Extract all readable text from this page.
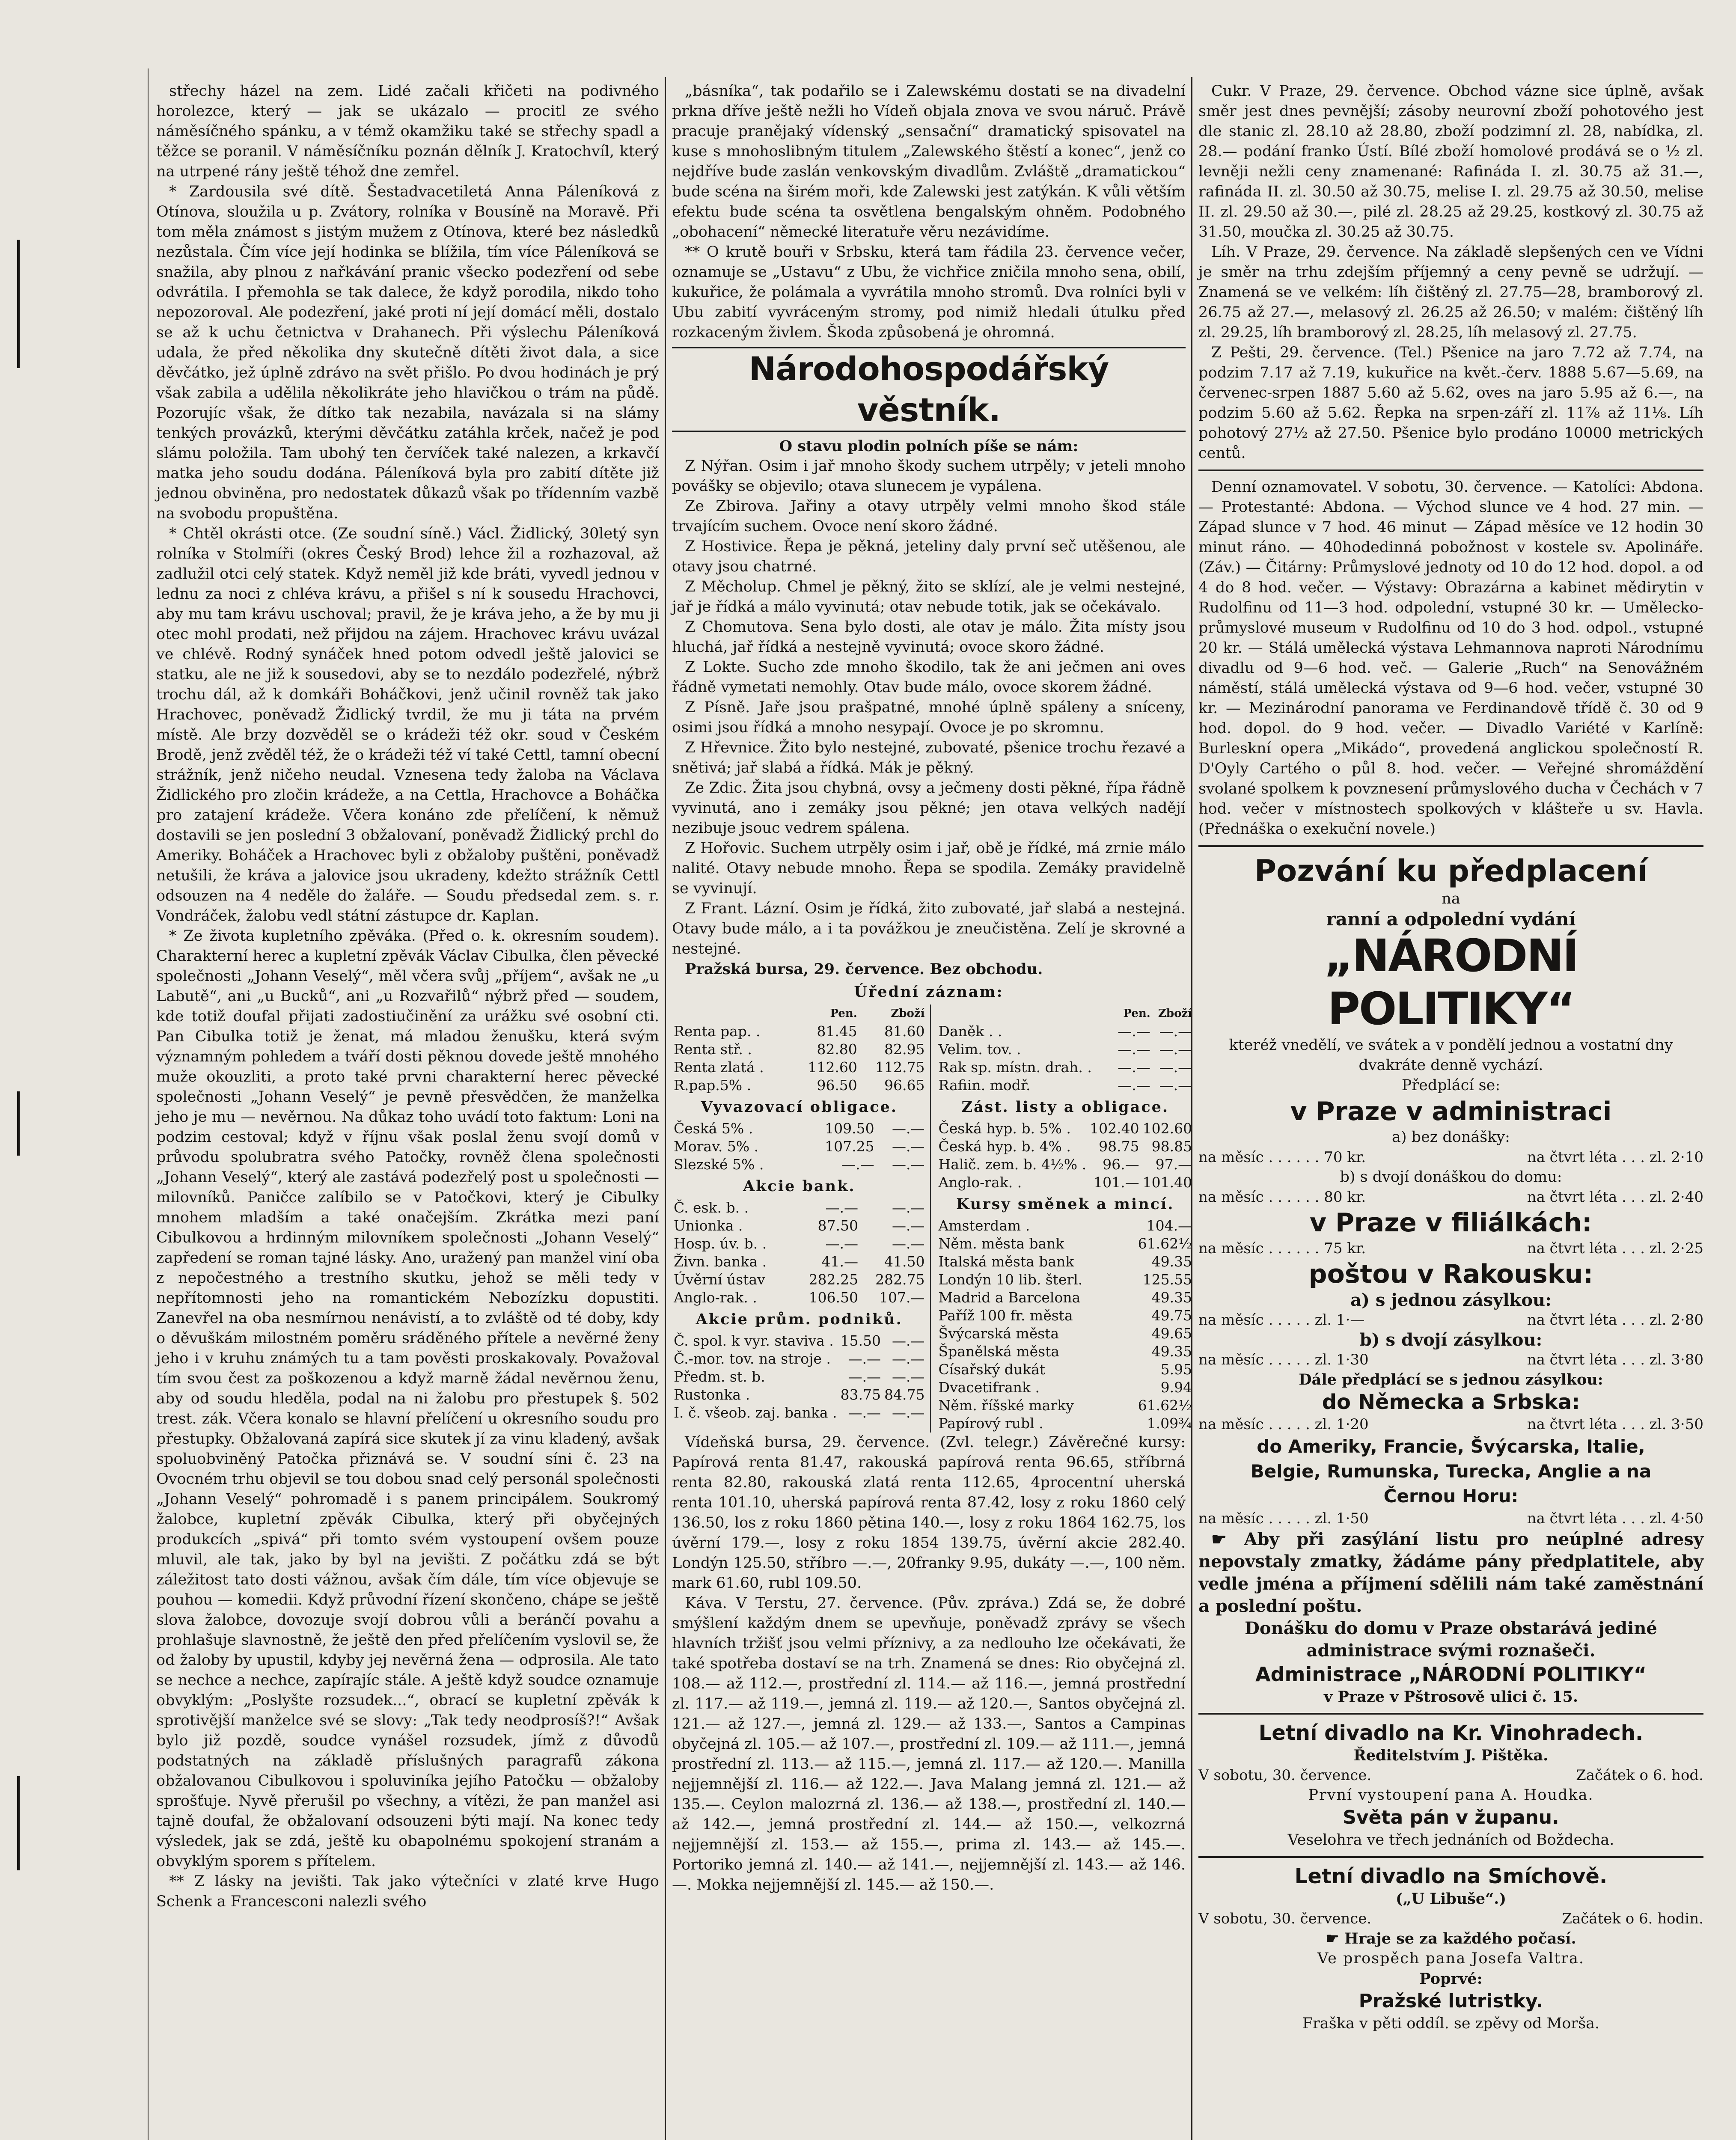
střechy házel na zem. Lidé začali křičeti na podivného horolezce, který — jak se ukázalo — procitl ze svého náměsíčného spánku, a v témž okamžiku také se střechy spadl a těžce se poranil. V náměsíčníku poznán dělník J. Kratochvíl, který na utrpené rány ještě téhož dne zemřel.

* Zardousila své dítě. Šestadvacetiletá Anna Páleníková z Otínova, sloužila u p. Zvátory, rolníka v Bousíně na Moravě. Při tom měla známost s jistým mužem z Otínova, které bez následků nezůstala. Čím více její hodinka se blížila, tím více Páleníková se snažila, aby plnou z nařkávání pranic všecko podezření od sebe odvrátila. I přemohla se tak dalece, že když porodila, nikdo toho nepozoroval. Ale podezření, jaké proti ní její domácí měli, dostalo se až k uchu četnictva v Drahanech. Při výslechu Páleníková udala, že před několika dny skutečně dítěti život dala, a sice děvčátko, jež úplně zdrávo na svět přišlo. Po dvou hodinách je prý však zabila a udělila několikráte jeho hlavičkou o trám na půdě. Pozorujíc však, že dítko tak nezabila, navázala si na slámy tenkých provázků, kterými děvčátku zatáhla krček, načež je pod slámu položila. Tam ubohý ten červíček také nalezen, a krkavčí matka jeho soudu dodána. Páleníková byla pro zabití dítěte již jednou obviněna, pro nedostatek důkazů však po třídenním vazbě na svobodu propuštěna.

* Chtěl okrásti otce. (Ze soudní síně.) Václ. Židlický, 30letý syn rolníka v Stolmíři (okres Český Brod) lehce žil a rozhazoval, až zadlužil otci celý statek. Když neměl již kde bráti, vyvedl jednou v lednu za noci z chléva krávu, a přišel s ní k sousedu Hrachovci, aby mu tam krávu uschoval; pravil, že je kráva jeho, a že by mu ji otec mohl prodati, než přijdou na zájem. Hrachovec krávu uvázal ve chlévě. Rodný synáček hned potom odvedl ještě jalovici se statku, ale ne již k sousedovi, aby se to nezdálo podezřelé, nýbrž trochu dál, až k domkáři Boháčkovi, jenž učinil rovněž tak jako Hrachovec, poněvadž Židlický tvrdil, že mu ji táta na prvém místě. Ale brzy dozvěděl se o krádeži též okr. soud v Českém Brodě, jenž zvěděl též, že o krádeži též ví také Cettl, tamní obecní strážník, jenž ničeho neudal. Vznesena tedy žaloba na Václava Židlického pro zločin krádeže, a na Cettla, Hrachovce a Boháčka pro zatajení krádeže. Včera konáno zde přelíčení, k němuž dostavili se jen poslední 3 obžalovaní, poněvadž Židlický prchl do Ameriky. Boháček a Hrachovec byli z obžaloby puštěni, poněvadž netušili, že kráva a jalovice jsou ukradeny, kdežto strážník Cettl odsouzen na 4 neděle do žaláře. — Soudu předsedal zem. s. r. Vondráček, žalobu vedl státní zástupce dr. Kaplan.

* Ze života kupletního zpěváka. (Před o. k. okresním soudem). Charakterní herec a kupletní zpěvák Václav Cibulka, člen pěvecké společnosti „Johann Veselý“, měl včera svůj „příjem“, avšak ne „u Labutě“, ani „u Bucků“, ani „u Rozvařilů“ nýbrž před — soudem, kde totiž doufal přijati zadostiučinění za urážku své osobní cti. Pan Cibulka totiž je ženat, má mladou ženušku, která svým významným pohledem a tváří dosti pěknou dovede ještě mnohého muže okouzliti, a proto také prvni charakterní herec pěvecké společnosti „Johann Veselý“ je pevně přesvědčen, že manželka jeho je mu — nevěrnou. Na důkaz toho uvádí toto faktum: Loni na podzim cestoval; když v říjnu však poslal ženu svojí domů v průvodu spolubratra svého Patočky, rovněž člena společnosti „Johann Veselý“, který ale zastává podezřelý post u společnosti — milovníků. Paničce zalíbilo se v Patočkovi, který je Cibulky mnohem mladším a také onačejším. Zkrátka mezi paní Cibulkovou a hrdinným milovníkem společnosti „Johann Veselý“ zapředení se roman tajné lásky. Ano, uražený pan manžel viní oba z nepočestného a trestního skutku, jehož se měli tedy v nepřítomnosti jeho na romantickém Nebozízku dopustiti. Zanevřel na oba nesmírnou nenávistí, a to zvláště od té doby, kdy o děvuškám milostném poměru sráděného přítele a nevěrné ženy jeho i v kruhu známých tu a tam pověsti proskakovaly. Považoval tím svou čest za poškozenou a když marně žádal nevěrnou ženu, aby od soudu hleděla, podal na ni žalobu pro přestupek §. 502 trest. zák. Včera konalo se hlavní přelíčení u okresního soudu pro přestupky. Obžalovaná zapírá sice skutek jí za vinu kladený, avšak spoluobviněný Patočka přiznává se. V soudní síni č. 23 na Ovocném trhu objevil se tou dobou snad celý personál společnosti „Johann Veselý“ pohromadě i s panem principálem. Soukromý žalobce, kupletní zpěvák Cibulka, který při obyčejných produkcích „spivá“ při tomto svém vystoupení ovšem pouze mluvil, ale tak, jako by byl na jevišti. Z počátku zdá se být záležitost tato dosti vážnou, avšak čím dále, tím více objevuje se pouhou — komedii. Když průvodní řízení skončeno, chápe se ještě slova žalobce, dovozuje svojí dobrou vůli a beránčí povahu a prohlašuje slavnostně, že ještě den před přelíčením vyslovil se, že od žaloby by upustil, kdyby jej nevěrná žena — odprosila. Ale tato se nechce a nechce, zapírajíc stále. A ještě když soudce oznamuje obvyklým: „Poslyšte rozsudek...“, obrací se kupletní zpěvák k sprotivější manželce své se slovy: „Tak tedy neodprosíš?!“ Avšak bylo již pozdě, soudce vynášel rozsudek, jímž z důvodů podstatných na základě příslušných paragrafů zákona obžalovanou Cibulkovou i spoluviníka jejího Patočku — obžaloby sprošťuje. Nyvě přerušil po všechny, a vítězi, že pan manžel asi tajně doufal, že obžalovaní odsouzeni býti mají. Na konec tedy výsledek, jak se zdá, ještě ku obapolnému spokojení stranám a obvyklým sporem s přítelem.

** Z lásky na jevišti. Tak jako výtečníci v zlaté krve Hugo Schenk a Francesconi nalezli svého

„básníka“, tak podařilo se i Zalewskému dostati se na divadelní prkna dříve ještě nežli ho Vídeň objala znova ve svou náruč. Právě pracuje pranějaký vídenský „sensační“ dramatický spisovatel na kuse s mnohoslibným titulem „Zalewského štěstí a konec“, jenž co nejdříve bude zaslán venkovským divadlům. Zvláště „dramatickou“ bude scéna na širém moři, kde Zalewski jest zatýkán. K vůli větším efektu bude scéna ta osvětlena bengalským ohněm. Podobného „obohacení“ německé literatuře věru nezávidíme.

** O krutě bouři v Srbsku, která tam řádila 23. července večer, oznamuje se „Ustavu“ z Ubu, že vichřice zničila mnoho sena, obilí, kukuřice, že polámala a vyvrátila mnoho stromů. Dva rolníci byli v Ubu zabití vyvráceným stromy, pod nimiž hledali útulku před rozkaceným živlem. Škoda způsobená je ohromná.

Národohospodářský věstník.

O stavu plodin polních píše se nám:

Z Nýřan. Osim i jař mnoho škody suchem utrpěly; v jeteli mnoho povášky se objevilo; otava slunecem je vypálena.

Ze Zbirova. Jařiny a otavy utrpěly velmi mnoho škod stále trvajícím suchem. Ovoce není skoro žádné.

Z Hostivice. Řepa je pěkná, jeteliny daly první seč utěšenou, ale otavy jsou chatrné.

Z Měcholup. Chmel je pěkný, žito se sklízí, ale je velmi nestejné, jař je řídká a málo vyvinutá; otav nebude totik, jak se očekávalo.

Z Chomutova. Sena bylo dosti, ale otav je málo. Žita místy jsou hluchá, jař řídká a nestejně vyvinutá; ovoce skoro žádné.

Z Lokte. Sucho zde mnoho škodilo, tak že ani ječmen ani oves řádně vymetati nemohly. Otav bude málo, ovoce skorem žádné.

Z Písně. Jaře jsou prašpatné, mnohé úplně spáleny a sníceny, osimi jsou řídká a mnoho nesypají. Ovoce je po skromnu.

Z Hřevnice. Žito bylo nestejné, zubovaté, pšenice trochu řezavé a snětivá; jař slabá a řídká. Mák je pěkný.

Ze Zdic. Žita jsou chybná, ovsy a ječmeny dosti pěkné, řípa řádně vyvinutá, ano i zemáky jsou pěkné; jen otava velkých nadějí nezibuje jsouc vedrem spálena.

Z Hořovic. Suchem utrpěly osim i jař, obě je řídké, má zrnie málo nalité. Otavy nebude mnoho. Řepa se spodila. Zemáky pravidelně se vyvinují.

Z Frant. Lázní. Osim je řídká, žito zubovaté, jař slabá a nestejná. Otavy bude málo, a i ta povážkou je zneučistěna. Zelí je skrovné a nestejné.

Pražská bursa, 29. července. Bez obchodu.

Úřední záznam:

	Pen.	Zboží
Renta pap. .	81.45	81.60
Renta stř. .	82.80	82.95
Renta zlatá .	112.60	112.75
R.pap.5% .	96.50	96.65

Vyvazovací obligace.

Česká 5% .	109.50	—.—
Morav. 5% .	107.25	—.—
Slezské 5% .	—.—	—.—

Akcie bank.

Č. esk. b. .	—.—	—.—
Unionka .	87.50	—.—
Hosp. úv. b. .	—.—	—.—
Živn. banka .	41.—	41.50
Úvěrní ústav	282.25	282.75
Anglo-rak. .	106.50	107.—

Akcie prům. podniků.

Č. spol. k vyr. staviva .	15.50	—.—
Č.-mor. tov. na stroje .	—.—	—.—
Předm. st. b.	—.—	—.—
Rustonka .	83.75	84.75
I. č. všeob. zaj. banka .	—.—	—.—
	Pen.	Zboží
Daněk . .	—.—	—.—
Velim. tov. .	—.—	—.—
Rak sp. místn. drah. .	—.—	—.—
Rafiin. modř.	—.—	—.—

Zást. listy a obligace.

Česká hyp. b. 5% .	102.40	102.60
Česká hyp. b. 4% .	98.75	98.85
Halič. zem. b. 4½% .	96.—	97.—
Anglo-rak. .	101.—	101.40

Kursy směnek a mincí.

Amsterdam .	104.—
Něm. města bank	61.62½
Italská města bank	49.35
Londýn 10 lib. šterl.	125.55
Madrid a Barcelona	49.35
Paříž 100 fr. města	49.75
Švýcarská města	49.65
Španělská města	49.35
Císařský dukát	5.95
Dvacetifrank .	9.94
Něm. říšské marky	61.62½
Papírový rubl .	1.09¾

Vídeňská bursa, 29. července. (Zvl. telegr.) Závěrečné kursy: Papírová renta 81.47, rakouská papírová renta 96.65, stříbrná renta 82.80, rakouská zlatá renta 112.65, 4procentní uherská renta 101.10, uherská papírová renta 87.42, losy z roku 1860 celý 136.50, los z roku 1860 pětina 140.—, losy z roku 1864 162.75, los úvěrní 179.—, losy z roku 1854 139.75, úvěrní akcie 282.40. Londýn 125.50, stříbro —.—, 20franky 9.95, dukáty —.—, 100 něm. mark 61.60, rubl 109.50.

Káva. V Terstu, 27. července. (Pův. zpráva.) Zdá se, že dobré smýšlení každým dnem se upevňuje, poněvadž zprávy se všech hlavních tržišť jsou velmi příznivy, a za nedlouho lze očekávati, že také spotřeba dostaví se na trh. Znamená se dnes: Rio obyčejná zl. 108.— až 112.—, prostřední zl. 114.— až 116.—, jemná prostřední zl. 117.— až 119.—, jemná zl. 119.— až 120.—, Santos obyčejná zl. 121.— až 127.—, jemná zl. 129.— až 133.—, Santos a Campinas obyčejná zl. 105.— až 107.—, prostřední zl. 109.— až 111.—, jemná prostřední zl. 113.— až 115.—, jemná zl. 117.— až 120.—. Manilla nejjemnější zl. 116.— až 122.—. Java Malang jemná zl. 121.— až 135.—. Ceylon malozrná zl. 136.— až 138.—, prostřední zl. 140.— až 142.—, jemná prostřední zl. 144.— až 150.—, velkozrná nejjemnější zl. 153.— až 155.—, prima zl. 143.— až 145.—. Portoriko jemná zl. 140.— až 141.—, nejjemnější zl. 143.— až 146.—. Mokka nejjemnější zl. 145.— až 150.—.

Cukr. V Praze, 29. července. Obchod vázne sice úplně, avšak směr jest dnes pevnější; zásoby neurovní zboží pohotového jest dle stanic zl. 28.10 až 28.80, zboží podzimní zl. 28, nabídka, zl. 28.— podání franko Ústí. Bílé zboží homolové prodává se o ½ zl. levněji nežli ceny znamenané: Rafináda I. zl. 30.75 až 31.—, rafináda II. zl. 30.50 až 30.75, melise I. zl. 29.75 až 30.50, melise II. zl. 29.50 až 30.—, pilé zl. 28.25 až 29.25, kostkový zl. 30.75 až 31.50, moučka zl. 30.25 až 30.75.

Líh. V Praze, 29. července. Na základě slepšených cen ve Vídni je směr na trhu zdejším příjemný a ceny pevně se udržují. — Znamená se ve velkém: líh čištěný zl. 27.75—28, bramborový zl. 26.75 až 27.—, melasový zl. 26.25 až 26.50; v malém: čištěný líh zl. 29.25, líh bramborový zl. 28.25, líh melasový zl. 27.75.

Z Pešti, 29. července. (Tel.) Pšenice na jaro 7.72 až 7.74, na podzim 7.17 až 7.19, kukuřice na květ.-červ. 1888 5.67—5.69, na červenec-srpen 1887 5.60 až 5.62, oves na jaro 5.95 až 6.—, na podzim 5.60 až 5.62. Řepka na srpen-září zl. 11⅞ až 11⅛. Líh pohotový 27½ až 27.50. Pšenice bylo prodáno 10000 metrických centů.

Denní oznamovatel. V sobotu, 30. července. — Katolíci: Abdona. — Protestanté: Abdona. — Východ slunce ve 4 hod. 27 min. — Západ slunce v 7 hod. 46 minut — Západ měsíce ve 12 hodin 30 minut ráno. — 40hodedinná pobožnost v kostele sv. Apolináře. (Záv.) — Čitárny: Průmyslové jednoty od 10 do 12 hod. dopol. a od 4 do 8 hod. večer. — Výstavy: Obrazárna a kabinet mědirytin v Rudolfinu od 11—3 hod. odpolední, vstupné 30 kr. — Umělecko-průmyslové museum v Rudolfinu od 10 do 3 hod. odpol., vstupné 20 kr. — Stálá umělecká výstava Lehmannova naproti Národnímu divadlu od 9—6 hod. več. — Galerie „Ruch“ na Senovážném náměstí, stálá umělecká výstava od 9—6 hod. večer, vstupné 30 kr. — Mezinárodní panorama ve Ferdinandově třídě č. 30 od 9 hod. dopol. do 9 hod. večer. — Divadlo Variété v Karlíně: Burleskní opera „Mikádo“, provedená anglickou společností R. D'Oyly Cartého o půl 8. hod. večer. — Veřejné shromáždění svolané spolkem k povznesení průmyslového ducha v Čechách v 7 hod. večer v místnostech spolkových v klášteře u sv. Havla. (Přednáška o exekuční novele.)

Pozvání ku předplacení

na

ranní a odpolední vydání

„NÁRODNÍ POLITIKY“

kteréž vnedělí, ve svátek a v pondělí jednou a vostatní dny dvakráte denně vychází.

Předplácí se:

v Praze v administraci

a) bez donášky:

na měsíc . . . . . . 70 kr.	na čtvrt léta . . . zl. 2·10

b) s dvojí donáškou do domu:

na měsíc . . . . . . 80 kr.	na čtvrt léta . . . zl. 2·40
v Praze v filiálkách:
na měsíc . . . . . . 75 kr.	na čtvrt léta . . . zl. 2·25
poštou v Rakousku:

a) s jednou zásylkou:

na měsíc . . . . . zl. 1·—	na čtvrt léta . . . zl. 2·80

b) s dvojí zásylkou:

na měsíc . . . . . zl. 1·30	na čtvrt léta . . . zl. 3·80

Dále předplácí se s jednou zásylkou:

do Německa a Srbska:
na měsíc . . . . . zl. 1·20	na čtvrt léta . . . zl. 3·50
do Ameriky, Francie, Švýcarska, Italie,
Belgie, Rumunska, Turecka, Anglie a na
Černou Horu:
na měsíc . . . . . zl. 1·50	na čtvrt léta . . . zl. 4·50

☛ Aby při zasýlání listu pro neúplné adresy nepovstaly zmatky, žádáme pány předplatitele, aby vedle jména a příjmení sdělili nám také zaměstnání a poslední poštu.

Donášku do domu v Praze obstarává jediné administrace svými roznašeči.

Administrace „NÁRODNÍ POLITIKY“

v Praze v Pštrosově ulici č. 15.

Letní divadlo na Kr. Vinohradech.

Ředitelstvím J. Pištěka.

V sobotu, 30. července.	Začátek o 6. hod.

První vystoupení pana A. Houdka.

Světa pán v županu.

Veselohra ve třech jednáních od Boždecha.

Letní divadlo na Smíchově.

(„U Libuše“.)

V sobotu, 30. července.	Začátek o 6. hodin.

☛ Hraje se za každého počasí.

Ve prospěch pana Josefa Valtra.

Poprvé:

Pražské lutristky.

Fraška v pěti oddíl. se zpěvy od Morša.
